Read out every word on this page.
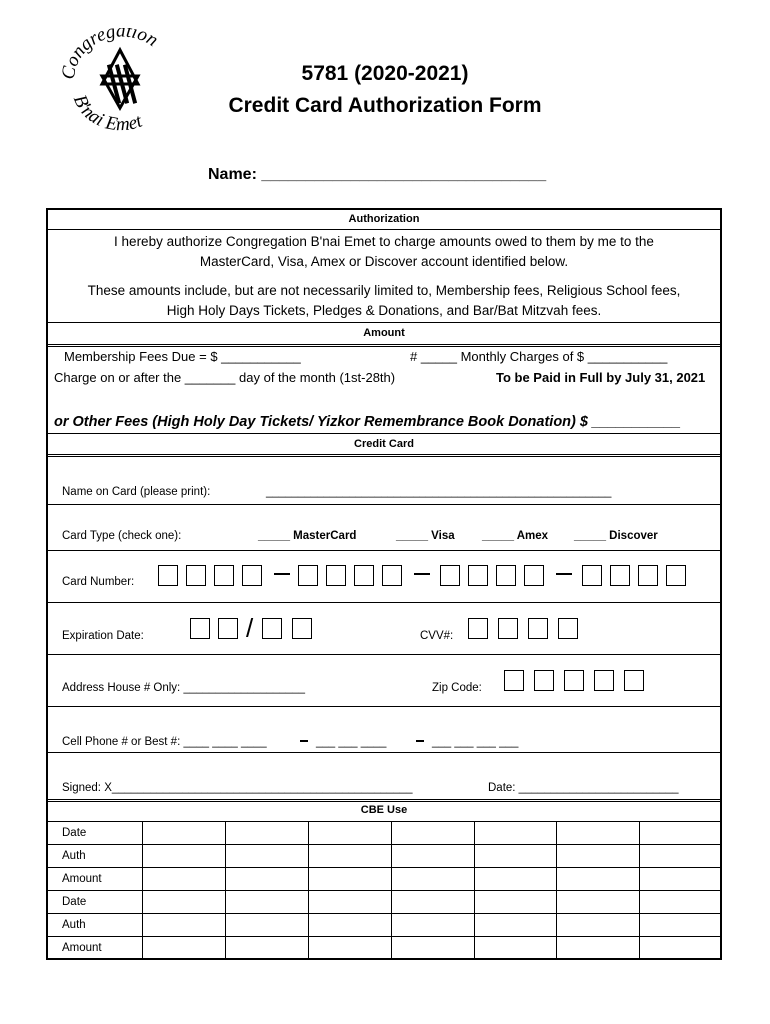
Congregation
B'nai Emet
5781 (2020-2021)
Credit Card Authorization Form
Name: ________________________________
Authorization
I hereby authorize Congregation B'nai Emet to charge amounts owed to them by me to the
MasterCard, Visa, Amex or Discover account identified below.
These amounts include, but are not necessarily limited to, Membership fees, Religious School fees,
High Holy Days Tickets, Pledges & Donations, and Bar/Bat Mitzvah fees.
Amount
Membership Fees Due = $ ___________	# _____ Monthly Charges of $ ___________
Charge on or after the _______ day of the month (1st-28th)	To be Paid in Full by July 31, 2021
or Other Fees (High Holy Day Tickets/ Yizkor Remembrance Book Donation) $ ___________
Credit Card
Name on Card (please print):	______________________________________________________
Card Type (check one):	_____ MasterCard	_____ Visa _____ Amex _____ Discover
Card Number:
Expiration Date:	/	CVV#:
Address House # Only: ___________________	Zip Code:
Cell Phone # or Best #: ____ ____ ____	___ ___ ____	___ ___ ___ ___
Signed: X_______________________________________________	Date: _________________________
CBE Use
Date							
Auth							
Amount							
Date							
Auth							
Amount							
